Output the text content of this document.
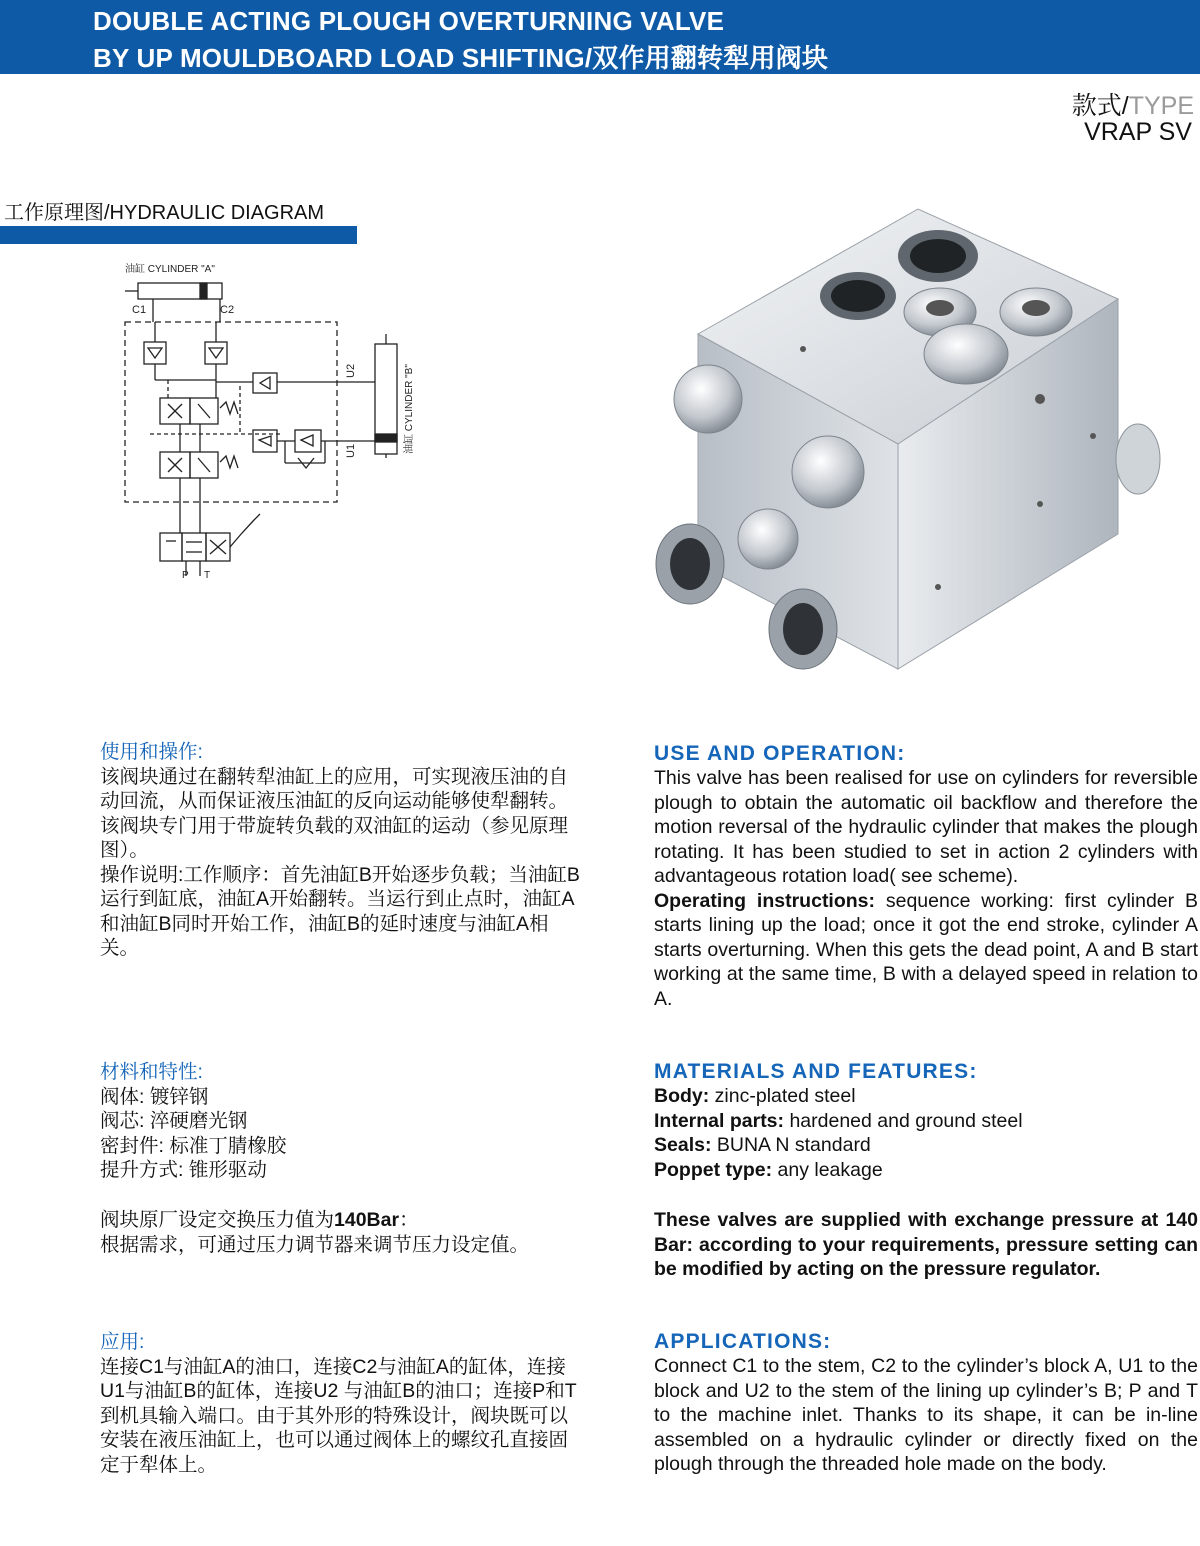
DOUBLE ACTING PLOUGH OVERTURNING VALVE
BY UP MOULDBOARD LOAD SHIFTING/双作用翻转犁用阀块
款式/TYPE
VRAP SV
工作原理图/HYDRAULIC DIAGRAM
油缸 CYLINDER "A"
C1	C2
U2
U1	油缸 CYLINDER "B"
P T

使用和操作:

该阀块通过在翻转犁油缸上的应用，可实现液压油的自动回流，从而保证液压油缸的反向运动能够使犁翻转。该阀块专门用于带旋转负载的双油缸的运动（参见原理图）。

操作说明:工作顺序：首先油缸B开始逐步负载；当油缸B运行到缸底，油缸A开始翻转。当运行到止点时，油缸A和油缸B同时开始工作，油缸B的延时速度与油缸A相关。

材料和特性:

阀体: 镀锌钢

阀芯: 淬硬磨光钢

密封件: 标准丁腈橡胶

提升方式: 锥形驱动

阀块原厂设定交换压力值为140Bar：

根据需求，可通过压力调节器来调节压力设定值。

应用:

连接C1与油缸A的油口，连接C2与油缸A的缸体，连接U1与油缸B的缸体，连接U2 与油缸B的油口；连接P和T到机具输入端口。由于其外形的特殊设计，阀块既可以安装在液压油缸上，也可以通过阀体上的螺纹孔直接固定于犁体上。

USE AND OPERATION:

This valve has been realised for use on cylinders for reversible plough to obtain the automatic oil backflow and therefore the motion reversal of the hydraulic cylinder that makes the plough rotating. It has been studied to set in action 2 cylinders with advantageous rotation load( see scheme).

Operating instructions: sequence working: first cylinder B starts lining up the load; once it got the end stroke, cylinder A starts overturning. When this gets the dead point, A and B start working at the same time, B with a delayed speed in relation to A.

MATERIALS AND FEATURES:

Body: zinc-plated steel

Internal parts: hardened and ground steel

Seals: BUNA N standard

Poppet type: any leakage

These valves are supplied with exchange pressure at 140 Bar: according to your requirements, pressure setting can be modified by acting on the pressure regulator.

APPLICATIONS:

Connect C1 to the stem, C2 to the cylinder’s block A, U1 to the block and U2 to the stem of the lining up cylinder’s B; P and T to the machine inlet. Thanks to its shape, it can be in-line assembled on a hydraulic cylinder or directly fixed on the plough through the threaded hole made on the body.
